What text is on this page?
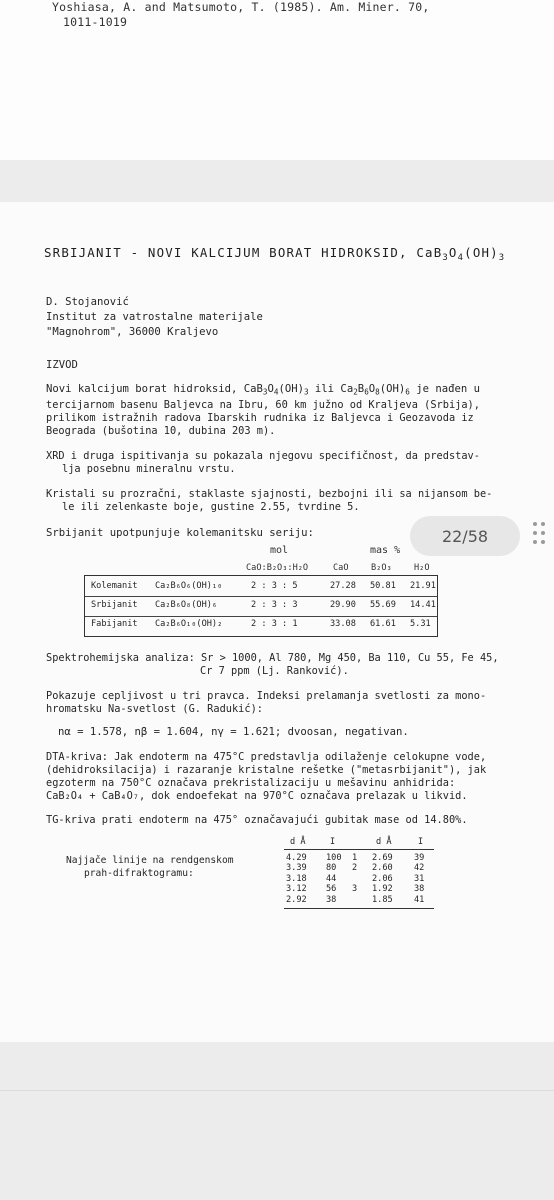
Yoshiasa, A. and Matsumoto, T. (1985). Am. Miner. 70,
1011-1019
SRBIJANIT - NOVI KALCIJUM BORAT HIDROKSID, $CaB_3O_4(OH)_3$
D. Stojanović
Institut za vatrostalne materijale
"Magnohrom", 36000 Kraljevo
IZVOD
Novi kalcijum borat hidroksid, $CaB_3O_4(OH)_3$ ili $Ca_2B_6O_8(OH)_6$ je nađen u
tercijarnom basenu Baljevca na Ibru, 60 km južno od Kraljeva (Srbija),
prilikom istražnih radova Ibarskih rudnika iz Baljevca i Geozavoda iz
Beograda (bušotina 10, dubina 203 m).
XRD i druga ispitivanja su pokazala njegovu specifičnost, da predstav-
lja posebnu mineralnu vrstu.
Kristali su prozračni, staklaste sjajnosti, bezbojni ili sa nijansom be-
le ili zelenkaste boje, gustine 2.55, tvrdine 5.
Srbijanit upotpunjuje kolemanitsku seriju:
mol	mas %
CaO:B₂O₃:H₂O	CaO	B₂O₃	H₂O
Kolemanit Ca₂B₆O₆(OH)₁₀	2 : 3 : 5	27.28 50.81 21.91
Srbijanit Ca₂B₆O₈(OH)₆	2 : 3 : 3	29.90 55.69 14.41
Fabijanit Ca₂B₆O₁₀(OH)₂	2 : 3 : 1	33.08 61.61 5.31
Spektrohemijska analiza: Sr > 1000, Al 780, Mg 450, Ba 110, Cu 55, Fe 45,
Cr 7 ppm (Lj. Ranković).
Pokazuje cepljivost u tri pravca. Indeksi prelamanja svetlosti za mono-
hromatsku Na-svetlost (G. Radukić):
nα = 1.578, nβ = 1.604, nγ = 1.621; dvoosan, negativan.
DTA-kriva: Jak endoterm na 475°C predstavlja odilaženje celokupne vode,
(dehidroksilacija) i razaranje kristalne rešetke ("metasrbijanit"), jak
egzoterm na 750°C označava prekristalizaciju u mešavinu anhidrida:
CaB₂O₄ + CaB₄O₇, dok endoefekat na 970°C označava prelazak u likvid.
TG-kriva prati endoterm na 475° označavajući gubitak mase od 14.80%.
d Å	I	d Å	I
Najjače linije na rendgenskom
prah-difraktogramu:
4.29 100 1 2.69 39
3.39 80 2 2.60 42
3.18 44	2.06 31
3.12 56 3 1.92 38
2.92 38	1.85 41
22/58
